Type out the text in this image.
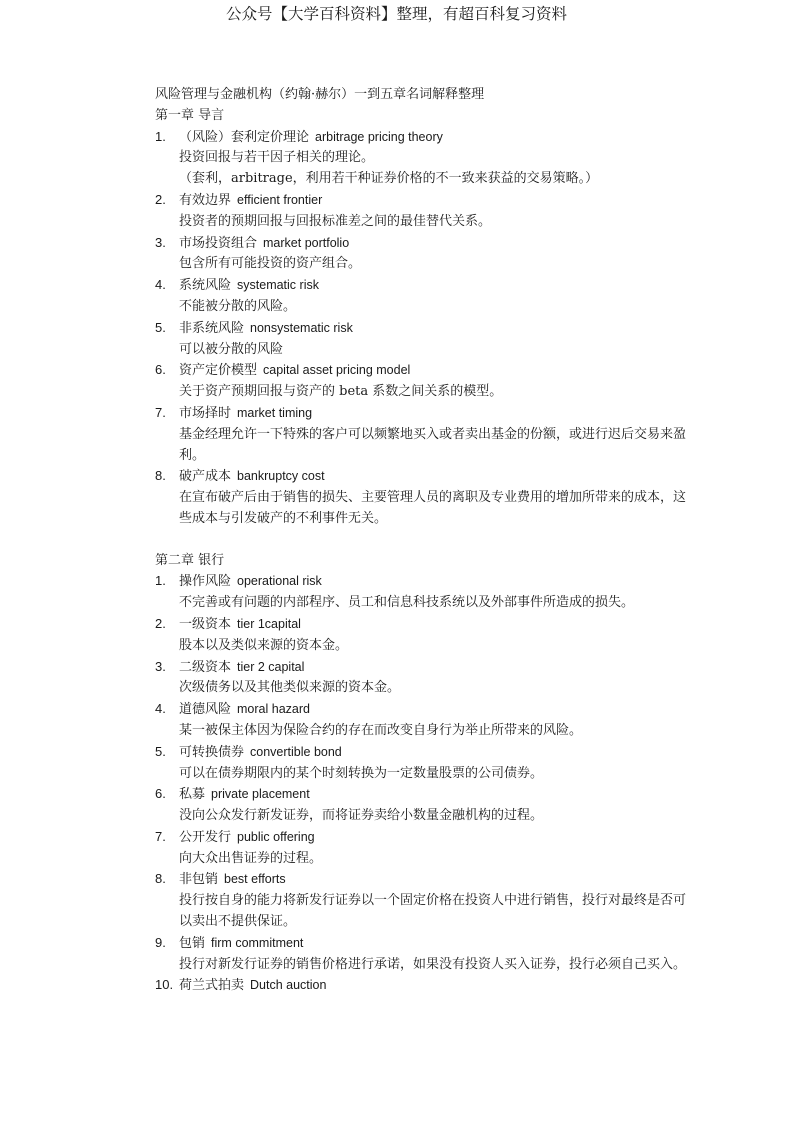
公众号【大学百科资料】整理，有超百科复习资料

风险管理与金融机构（约翰·赫尔）一到五章名词解释整理

第一章 导言

1. （风险）套利定价理论 arbitrage pricing theory

投资回报与若干因子相关的理论。

（套利，arbitrage，利用若干种证券价格的不一致来获益的交易策略。）

2. 有效边界 efficient frontier

投资者的预期回报与回报标准差之间的最佳替代关系。

3. 市场投资组合 market portfolio

包含所有可能投资的资产组合。

4. 系统风险 systematic risk

不能被分散的风险。

5. 非系统风险 nonsystematic risk

可以被分散的风险

6. 资产定价模型 capital asset pricing model

关于资产预期回报与资产的 beta 系数之间关系的模型。

7. 市场择时 market timing

基金经理允许一下特殊的客户可以频繁地买入或者卖出基金的份额，或进行迟后交易来盈利。

8. 破产成本 bankruptcy cost

在宣布破产后由于销售的损失、主要管理人员的离职及专业费用的增加所带来的成本，这些成本与引发破产的不利事件无关。

第二章 银行

1. 操作风险 operational risk

不完善或有问题的内部程序、员工和信息科技系统以及外部事件所造成的损失。

2. 一级资本 tier 1capital

股本以及类似来源的资本金。

3. 二级资本 tier 2 capital

次级债务以及其他类似来源的资本金。

4. 道德风险 moral hazard

某一被保主体因为保险合约的存在而改变自身行为举止所带来的风险。

5. 可转换债券 convertible bond

可以在债券期限内的某个时刻转换为一定数量股票的公司债券。

6. 私募 private placement

没向公众发行新发证券，而将证券卖给小数量金融机构的过程。

7. 公开发行 public offering

向大众出售证券的过程。

8. 非包销 best efforts

投行按自身的能力将新发行证券以一个固定价格在投资人中进行销售，投行对最终是否可以卖出不提供保证。

9. 包销 firm commitment

投行对新发行证券的销售价格进行承诺，如果没有投资人买入证券，投行必须自己买入。

10. 荷兰式拍卖 Dutch auction
